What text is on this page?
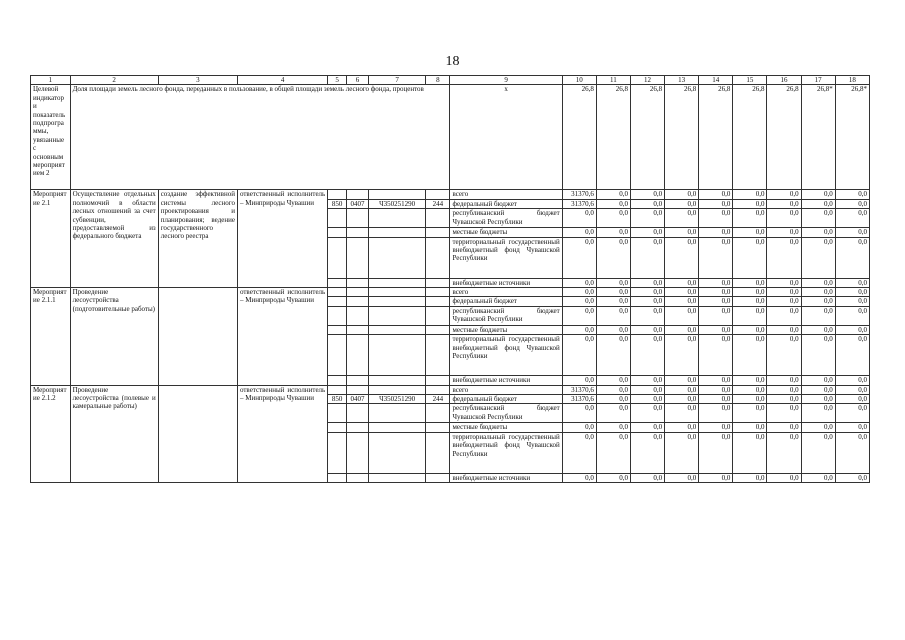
18
1	2	3	4	5	6	7	8	9	10	11	12	13	14	15	16	17	18
Целевой индикатор и показатель подпрограммы, увязанные с основным мероприятием 2	Доля площади земель лесного фонда, переданных в пользование, в общей площади земель лесного фонда, процентов							x	26,8	26,8	26,8	26,8	26,8	26,8	26,8	26,8*	26,8*
Мероприятие 2.1	Осуществление отдельных полномочий в области лесных отношений за счет субвенции, предоставляемой из федерального бюджета	создание эффективной системы лесного проектирования и планирования; ведение государственного лесного реестра	ответственный исполнитель – Минприроды Чувашии					всего	31370,6	0,0	0,0	0,0	0,0	0,0	0,0	0,0	0,0
				850	0407	Ч350251290	244	федеральный бюджет	31370,6	0,0	0,0	0,0	0,0	0,0	0,0	0,0	0,0
								республиканский бюджет Чувашской Республики	0,0	0,0	0,0	0,0	0,0	0,0	0,0	0,0	0,0
								местные бюджеты	0,0	0,0	0,0	0,0	0,0	0,0	0,0	0,0	0,0
								территориальный государственный внебюджетный фонд Чувашской Республики	0,0	0,0	0,0	0,0	0,0	0,0	0,0	0,0	0,0
								внебюджетные источники	0,0	0,0	0,0	0,0	0,0	0,0	0,0	0,0	0,0
Мероприятие 2.1.1	Проведение лесоустройства (подготовительные работы)		ответственный исполнитель – Минприроды Чувашии					всего	0,0	0,0	0,0	0,0	0,0	0,0	0,0	0,0	0,0
								федеральный бюджет	0,0	0,0	0,0	0,0	0,0	0,0	0,0	0,0	0,0
								республиканский бюджет Чувашской Республики	0,0	0,0	0,0	0,0	0,0	0,0	0,0	0,0	0,0
								местные бюджеты	0,0	0,0	0,0	0,0	0,0	0,0	0,0	0,0	0,0
								территориальный государственный внебюджетный фонд Чувашской Республики	0,0	0,0	0,0	0,0	0,0	0,0	0,0	0,0	0,0
								внебюджетные источники	0,0	0,0	0,0	0,0	0,0	0,0	0,0	0,0	0,0
Мероприятие 2.1.2	Проведение лесоустройства (полевые и камеральные работы)		ответственный исполнитель – Минприроды Чувашии					всего	31370,6	0,0	0,0	0,0	0,0	0,0	0,0	0,0	0,0
				850	0407	Ч350251290	244	федеральный бюджет	31370,6	0,0	0,0	0,0	0,0	0,0	0,0	0,0	0,0
								республиканский бюджет Чувашской Республики	0,0	0,0	0,0	0,0	0,0	0,0	0,0	0,0	0,0
								местные бюджеты	0,0	0,0	0,0	0,0	0,0	0,0	0,0	0,0	0,0
								территориальный государственный внебюджетный фонд Чувашской Республики	0,0	0,0	0,0	0,0	0,0	0,0	0,0	0,0	0,0
								внебюджетные источники	0,0	0,0	0,0	0,0	0,0	0,0	0,0	0,0	0,0
